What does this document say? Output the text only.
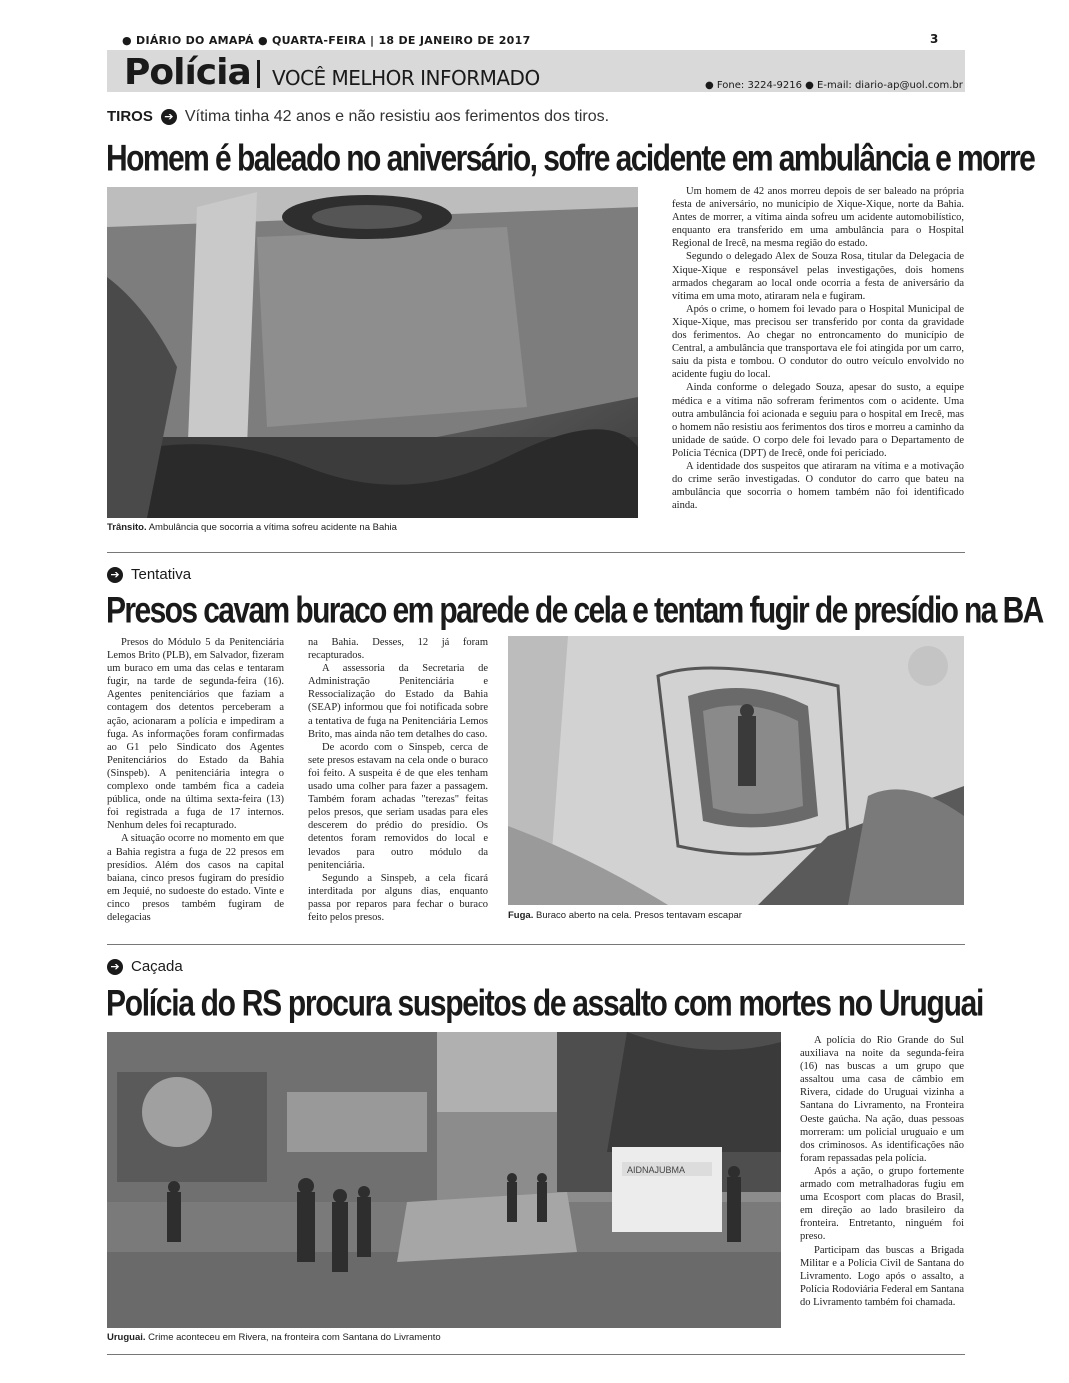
● DIÁRIO DO AMAPÁ ● QUARTA-FEIRA | 18 DE JANEIRO DE 2017	3
Polícia VOCÊ MELHOR INFORMADO	● Fone: 3224-9216 ● E-mail: diario-ap@uol.com.br
TIROS ➔ Vítima tinha 42 anos e não resistiu aos ferimentos dos tiros.
Homem é baleado no aniversário, sofre acidente em ambulância e morre
Trânsito. Ambulância que socorria a vítima sofreu acidente na Bahia

Um homem de 42 anos morreu depois de ser baleado na própria festa de aniversário, no município de Xique-Xique, norte da Bahia. Antes de morrer, a vítima ainda sofreu um acidente automobilístico, enquanto era transferido em uma ambulância para o Hospital Regional de Irecê, na mesma região do estado.

Segundo o delegado Alex de Souza Rosa, titular da Delegacia de Xique-Xique e responsável pelas investigações, dois homens armados chegaram ao local onde ocorria a festa de aniversário da vítima em uma moto, atiraram nela e fugiram.

Após o crime, o homem foi levado para o Hospital Municipal de Xique-Xique, mas precisou ser transferido por conta da gravidade dos ferimentos. Ao chegar no entroncamento do município de Central, a ambulância que transportava ele foi atingida por um carro, saiu da pista e tombou. O condutor do outro veículo envolvido no acidente fugiu do local.

Ainda conforme o delegado Souza, apesar do susto, a equipe médica e a vítima não sofreram ferimentos com o acidente. Uma outra ambulância foi acionada e seguiu para o hospital em Irecê, mas o homem não resistiu aos ferimentos dos tiros e morreu a caminho da unidade de saúde. O corpo dele foi levado para o Departamento de Polícia Técnica (DPT) de Irecê, onde foi periciado.

A identidade dos suspeitos que atiraram na vítima e a motivação do crime serão investigadas. O condutor do carro que bateu na ambulância que socorria o homem também não foi identificado ainda.

➔ Tentativa
Presos cavam buraco em parede de cela e tentam fugir de presídio na BA

Presos do Módulo 5 da Penitenciária Lemos Brito (PLB), em Salvador, fizeram um buraco em uma das celas e tentaram fugir, na tarde de segunda-feira (16). Agentes penitenciários que faziam a contagem dos detentos perceberam a ação, acionaram a polícia e impediram a fuga. As informações foram confirmadas ao G1 pelo Sindicato dos Agentes Penitenciários do Estado da Bahia (Sinspeb). A penitenciária integra o complexo onde também fica a cadeia pública, onde na última sexta-feira (13) foi registrada a fuga de 17 internos. Nenhum deles foi recapturado.

A situação ocorre no momento em que a Bahia registra a fuga de 22 presos em presídios. Além dos casos na capital baiana, cinco presos fugiram do presídio em Jequié, no sudoeste do estado. Vinte e cinco presos também fugiram de delegacias

na Bahia. Desses, 12 já foram recapturados.

A assessoria da Secretaria de Administração Penitenciária e Ressocialização do Estado da Bahia (SEAP) informou que foi notificada sobre a tentativa de fuga na Penitenciária Lemos Brito, mas ainda não tem detalhes do caso.

De acordo com o Sinspeb, cerca de sete presos estavam na cela onde o buraco foi feito. A suspeita é de que eles tenham usado uma colher para fazer a passagem. Também foram achadas "terezas" feitas pelos presos, que seriam usadas para eles descerem do prédio do presídio. Os detentos foram removidos do local e levados para outro módulo da penitenciária.

Segundo a Sinspeb, a cela ficará interditada por alguns dias, enquanto passa por reparos para fechar o buraco feito pelos presos.	Fuga. Buraco aberto na cela. Presos tentavam escapar
➔ Caçada
Polícia do RS procura suspeitos de assalto com mortes no Uruguai
AIDNAJUBMA
Uruguai. Crime aconteceu em Rivera, na fronteira com Santana do Livramento

A polícia do Rio Grande do Sul auxiliava na noite da segunda-feira (16) nas buscas a um grupo que assaltou uma casa de câmbio em Rivera, cidade do Uruguai vizinha a Santana do Livramento, na Fronteira Oeste gaúcha. Na ação, duas pessoas morreram: um policial uruguaio e um dos criminosos. As identificações não foram repassadas pela polícia.

Após a ação, o grupo fortemente armado com metralhadoras fugiu em uma Ecosport com placas do Brasil, em direção ao lado brasileiro da fronteira. Entretanto, ninguém foi preso.

Participam das buscas a Brigada Militar e a Polícia Civil de Santana do Livramento. Logo após o assalto, a Polícia Rodoviária Federal em Santana do Livramento também foi chamada.
